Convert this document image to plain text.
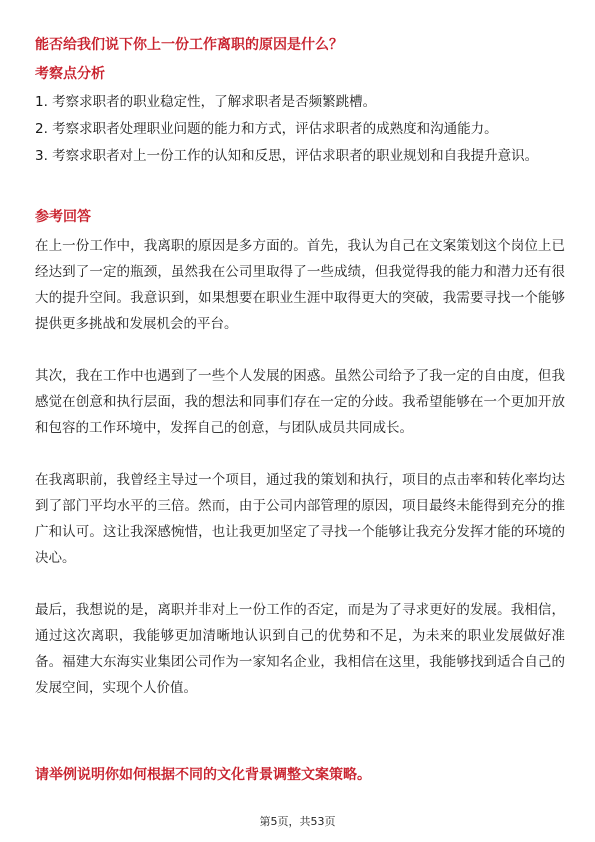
能否给我们说下你上一份工作离职的原因是什么？
考察点分析
1. 考察求职者的职业稳定性，了解求职者是否频繁跳槽。
2. 考察求职者处理职业问题的能力和方式，评估求职者的成熟度和沟通能力。
3. 考察求职者对上一份工作的认知和反思，评估求职者的职业规划和自我提升意识。
参考回答

在上一份工作中，我离职的原因是多方面的。首先，我认为自己在文案策划这个岗位上已经达到了一定的瓶颈，虽然我在公司里取得了一些成绩，但我觉得我的能力和潜力还有很大的提升空间。我意识到，如果想要在职业生涯中取得更大的突破，我需要寻找一个能够提供更多挑战和发展机会的平台。

其次，我在工作中也遇到了一些个人发展的困惑。虽然公司给予了我一定的自由度，但我感觉在创意和执行层面，我的想法和同事们存在一定的分歧。我希望能够在一个更加开放和包容的工作环境中，发挥自己的创意，与团队成员共同成长。

在我离职前，我曾经主导过一个项目，通过我的策划和执行，项目的点击率和转化率均达到了部门平均水平的三倍。然而，由于公司内部管理的原因，项目最终未能得到充分的推广和认可。这让我深感惋惜，也让我更加坚定了寻找一个能够让我充分发挥才能的环境的决心。

最后，我想说的是，离职并非对上一份工作的否定，而是为了寻求更好的发展。我相信，通过这次离职，我能够更加清晰地认识到自己的优势和不足，为未来的职业发展做好准备。福建大东海实业集团公司作为一家知名企业，我相信在这里，我能够找到适合自己的发展空间，实现个人价值。

请举例说明你如何根据不同的文化背景调整文案策略。
第5页，共53页
